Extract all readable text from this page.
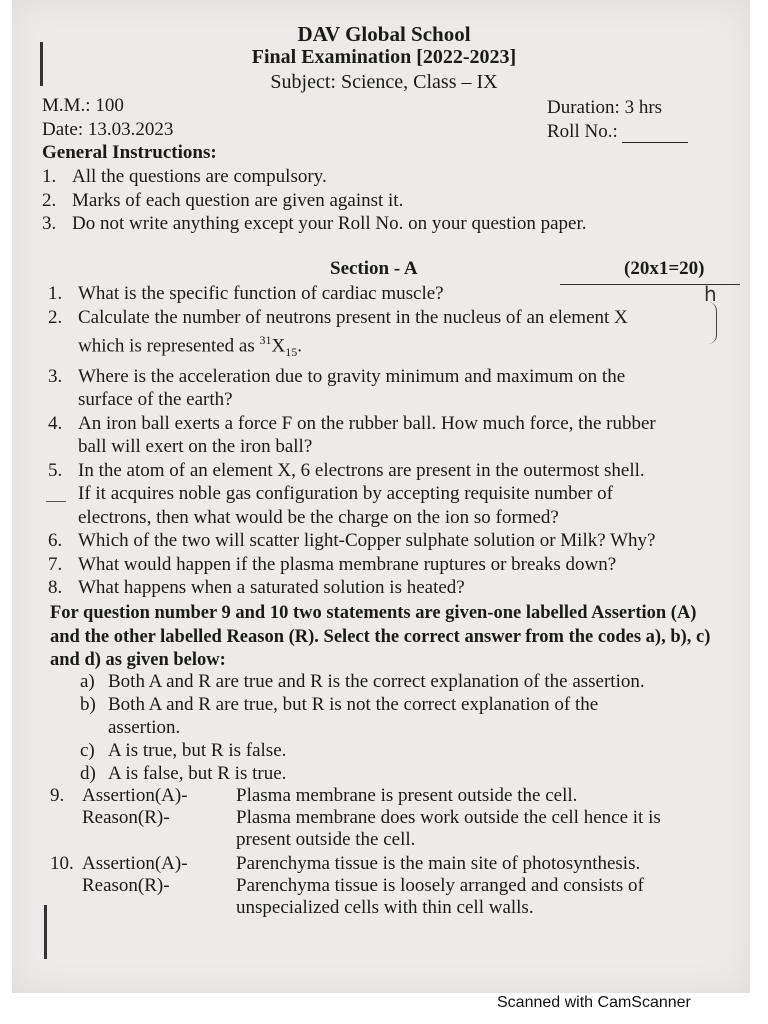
h
DAV Global School
Final Examination [2022-2023]
Subject: Science, Class – IX
M.M.: 100	Duration: 3 hrs
Date: 13.03.2023	Roll No.:
General Instructions:
1. All the questions are compulsory.
2. Marks of each question are given against it.
3. Do not write anything except your Roll No. on your question paper.
Section - A	(20x1=20)
1. What is the specific function of cardiac muscle?
2. Calculate the number of neutrons present in the nucleus of an element X
which is represented as $^{31}X_{15}$.
3. Where is the acceleration due to gravity minimum and maximum on the
surface of the earth?
4. An iron ball exerts a force F on the rubber ball. How much force, the rubber
ball will exert on the iron ball?
5. In the atom of an element X, 6 electrons are present in the outermost shell.
If it acquires noble gas configuration by accepting requisite number of
electrons, then what would be the charge on the ion so formed?
6. Which of the two will scatter light-Copper sulphate solution or Milk? Why?
7. What would happen if the plasma membrane ruptures or breaks down?
8. What happens when a saturated solution is heated?
For question number 9 and 10 two statements are given-one labelled Assertion (A) and the other labelled Reason (R). Select the correct answer from the codes a), b), c) and d) as given below:
a) Both A and R are true and R is the correct explanation of the assertion.
b) Both A and R are true, but R is not the correct explanation of the
assertion.
c) A is true, but R is false.
d) A is false, but R is true.
9. Assertion(A)-	Plasma membrane is present outside the cell.
Reason(R)-	Plasma membrane does work outside the cell hence it is
present outside the cell.
10. Assertion(A)-	Parenchyma tissue is the main site of photosynthesis.
Reason(R)-	Parenchyma tissue is loosely arranged and consists of
unspecialized cells with thin cell walls.
Scanned with CamScanner
